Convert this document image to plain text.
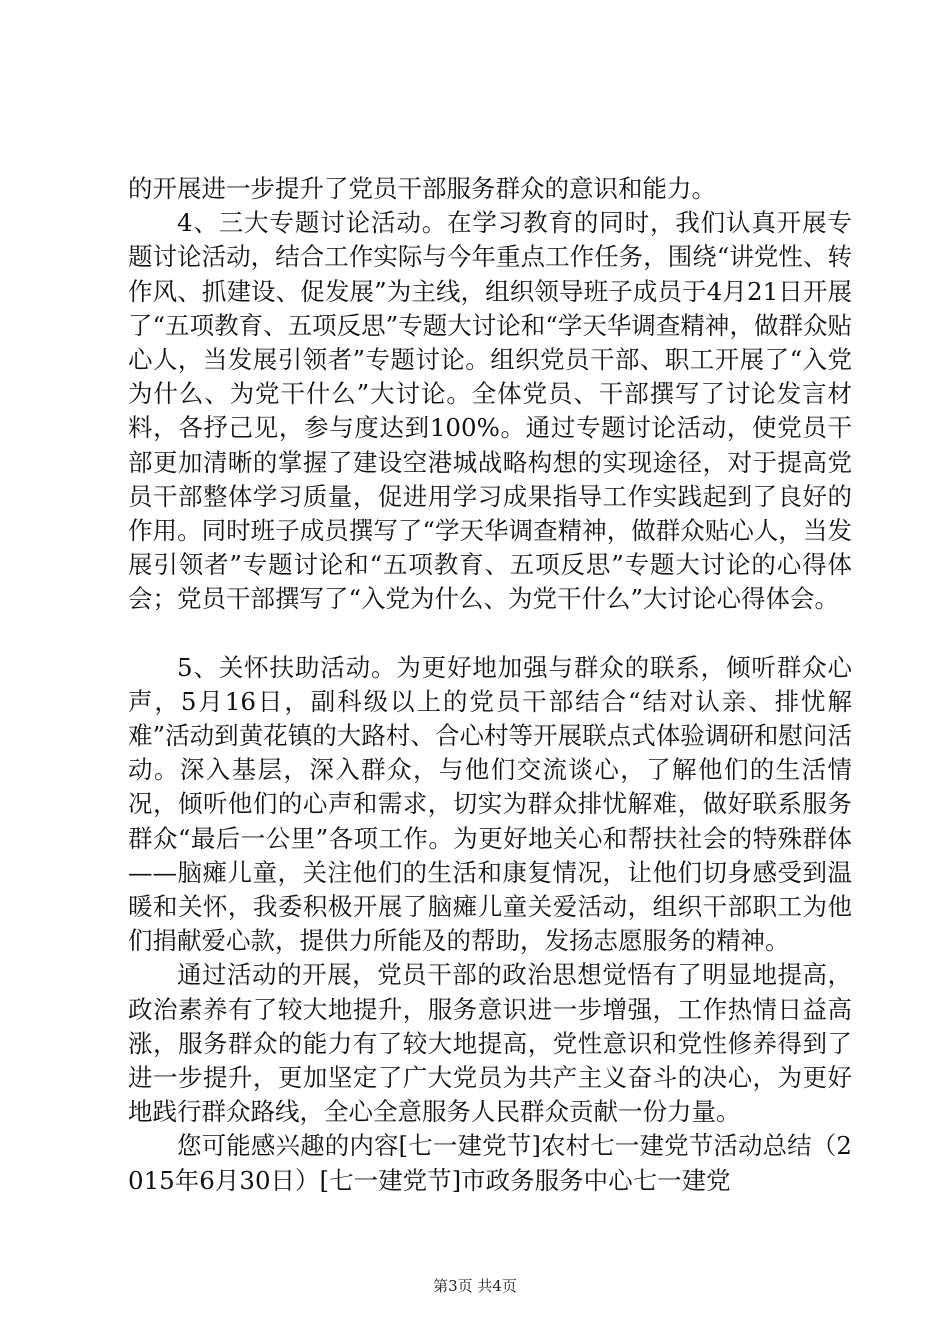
的开展进一步提升了党员干部服务群众的意识和能力。

4、三大专题讨论活动。在学习教育的同时，我们认真开展专题讨论活动，结合工作实际与今年重点工作任务，围绕“讲党性、转作风、抓建设、促发展”为主线，组织领导班子成员于4月21日开展了“五项教育、五项反思”专题大讨论和“学天华调查精神，做群众贴心人，当发展引领者”专题讨论。组织党员干部、职工开展了“入党为什么、为党干什么”大讨论。全体党员、干部撰写了讨论发言材料，各抒己见，参与度达到100%。通过专题讨论活动，使党员干部更加清晰的掌握了建设空港城战略构想的实现途径，对于提高党员干部整体学习质量，促进用学习成果指导工作实践起到了良好的作用。同时班子成员撰写了“学天华调查精神，做群众贴心人，当发展引领者”专题讨论和“五项教育、五项反思”专题大讨论的心得体会；党员干部撰写了“入党为什么、为党干什么”大讨论心得体会。

5、关怀扶助活动。为更好地加强与群众的联系，倾听群众心声，5月16日，副科级以上的党员干部结合“结对认亲、排忧解难”活动到黄花镇的大路村、合心村等开展联点式体验调研和慰问活动。深入基层，深入群众，与他们交流谈心，了解他们的生活情况，倾听他们的心声和需求，切实为群众排忧解难，做好联系服务群众“最后一公里”各项工作。为更好地关心和帮扶社会的特殊群体——脑瘫儿童，关注他们的生活和康复情况，让他们切身感受到温暖和关怀，我委积极开展了脑瘫儿童关爱活动，组织干部职工为他们捐献爱心款，提供力所能及的帮助，发扬志愿服务的精神。

通过活动的开展，党员干部的政治思想觉悟有了明显地提高，政治素养有了较大地提升，服务意识进一步增强，工作热情日益高涨，服务群众的能力有了较大地提高，党性意识和党性修养得到了进一步提升，更加坚定了广大党员为共产主义奋斗的决心，为更好地践行群众路线，全心全意服务人民群众贡献一份力量。

您可能感兴趣的内容[七一建党节]农村七一建党节活动总结（2015年6月30日）[七一建党节]市政务服务中心七一建党

第3页 共4页
